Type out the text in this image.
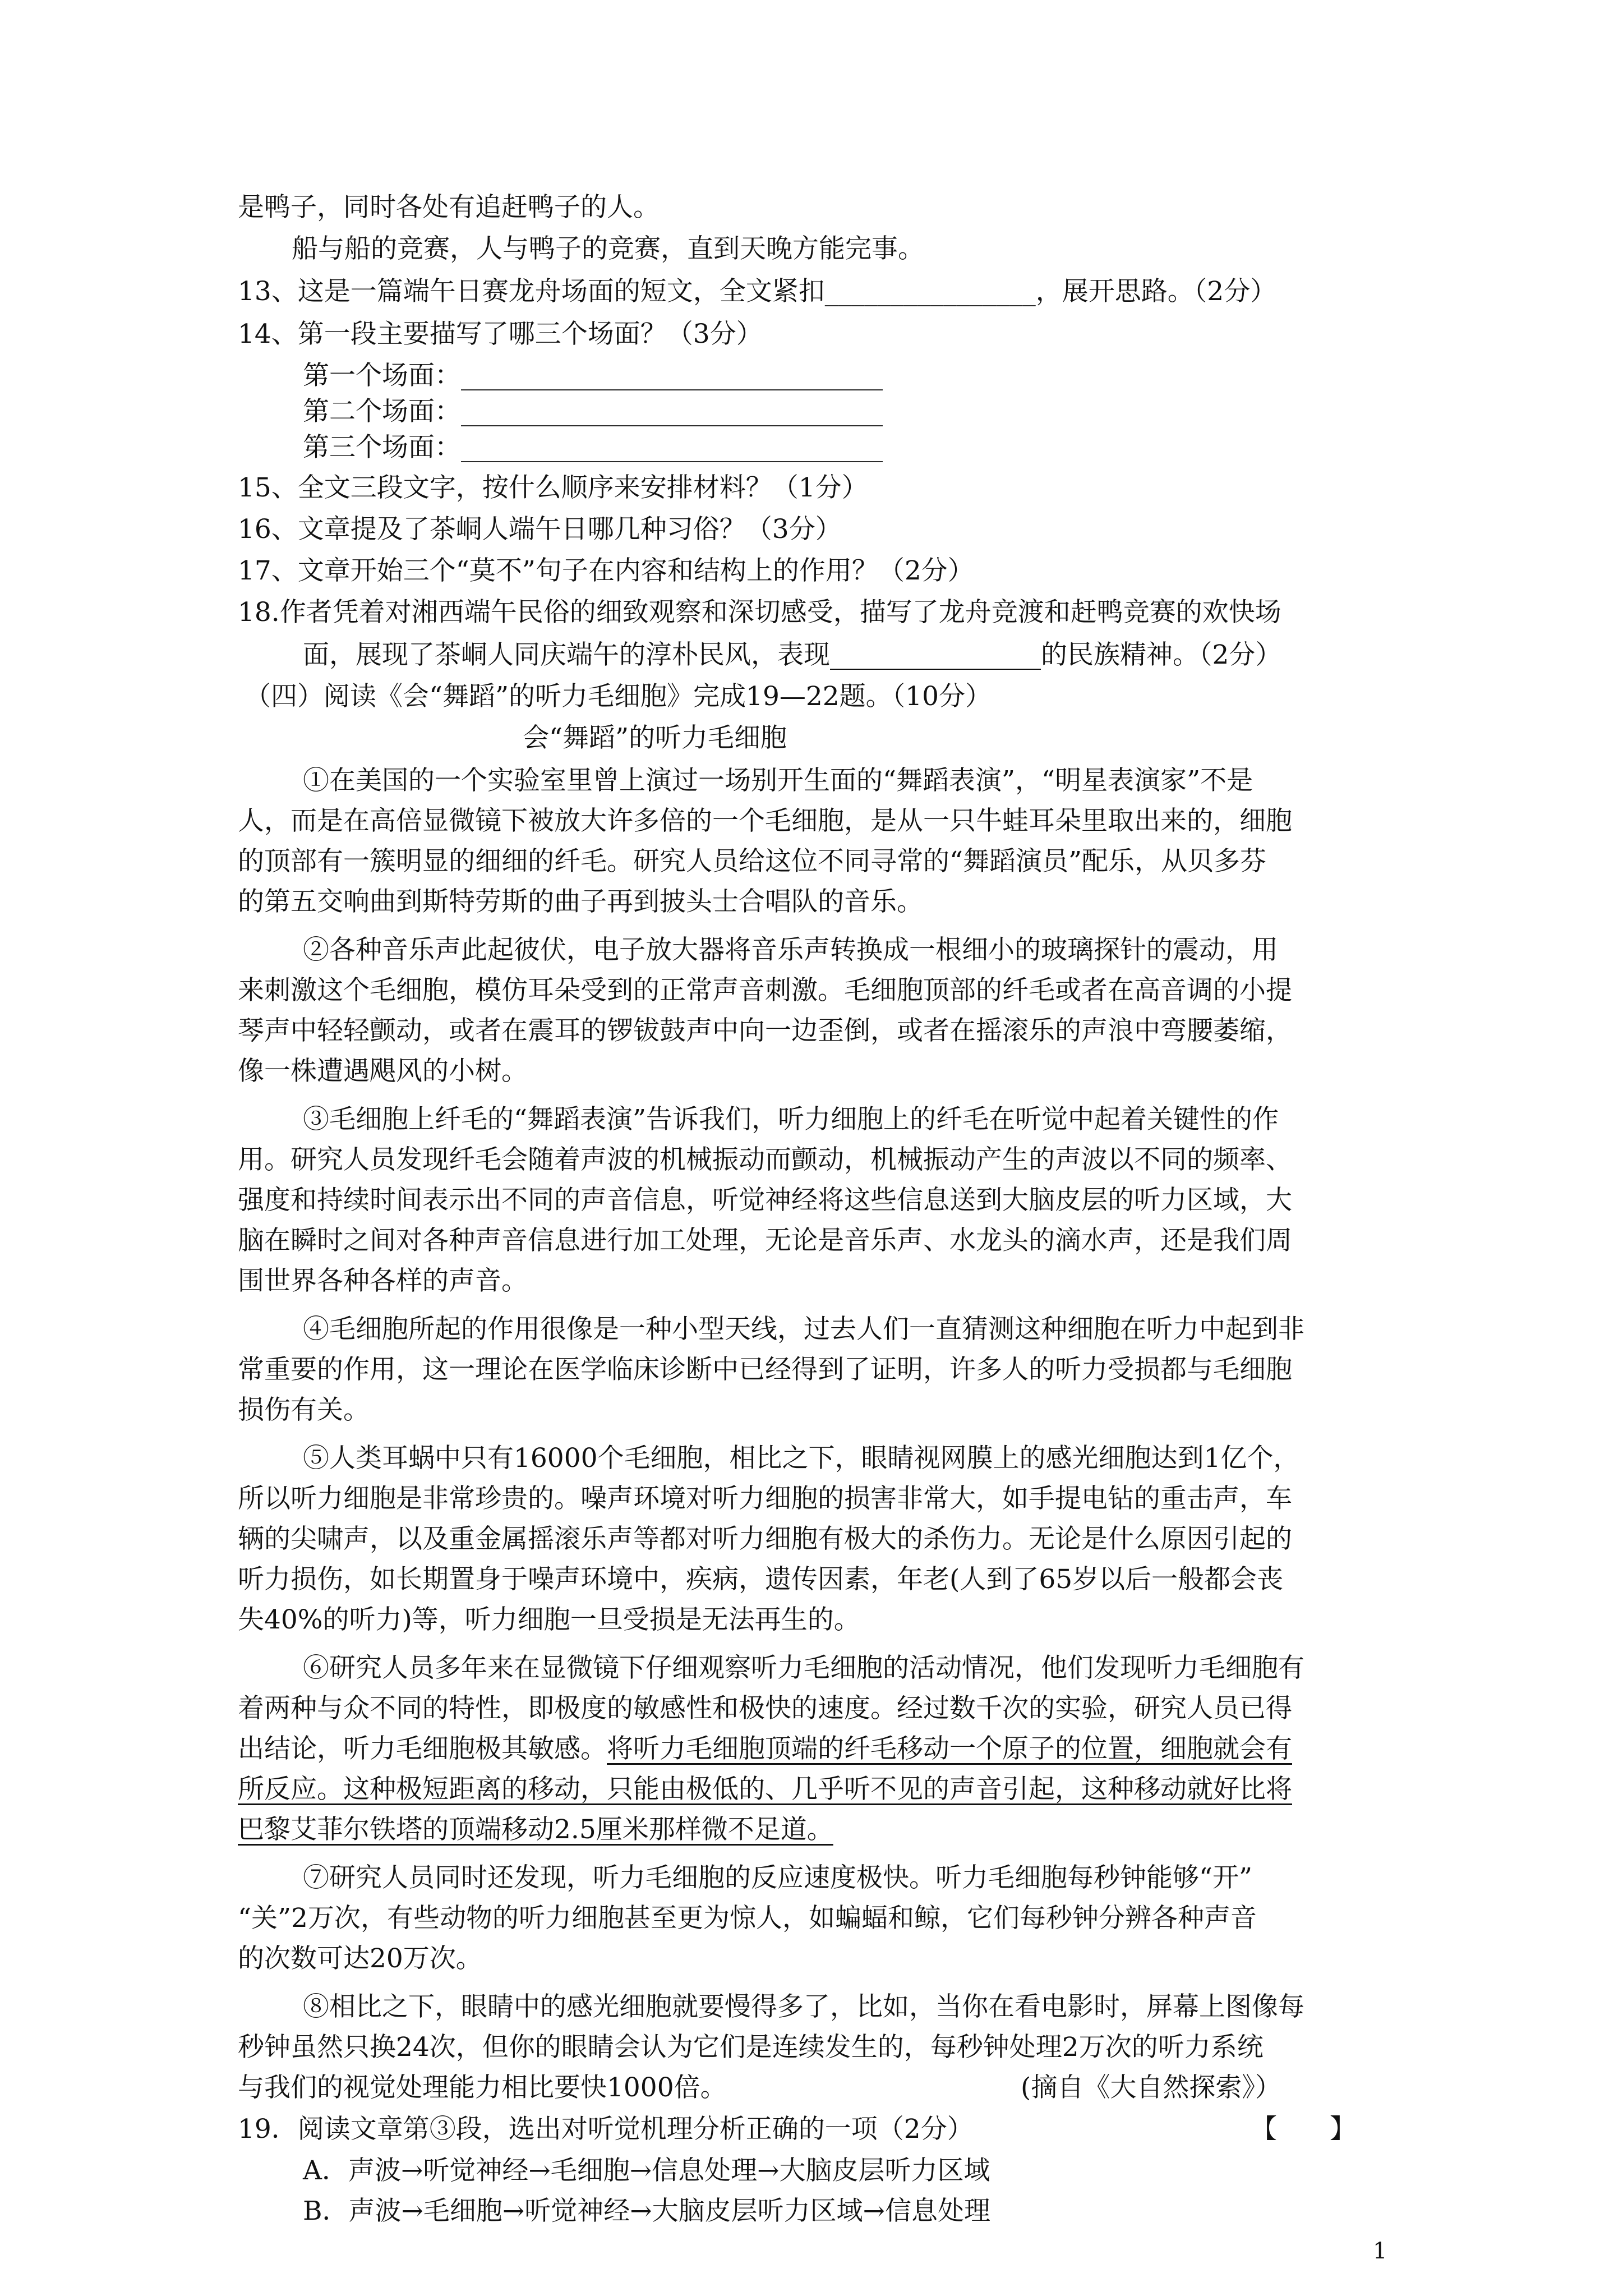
是鸭子，同时各处有追赶鸭子的人。
船与船的竞赛，人与鸭子的竞赛，直到天晚方能完事。
13、这是一篇端午日赛龙舟场面的短文，全文紧扣________________，展开思路。（2分）
14、第一段主要描写了哪三个场面？（3分）
第一个场面：________________________________
第二个场面：________________________________
第三个场面：________________________________
15、全文三段文字，按什么顺序来安排材料？（1分）
16、文章提及了茶峒人端午日哪几种习俗？（3分）
17、文章开始三个“莫不”句子在内容和结构上的作用？（2分）
18.作者凭着对湘西端午民俗的细致观察和深切感受，描写了龙舟竞渡和赶鸭竞赛的欢快场
面，展现了茶峒人同庆端午的淳朴民风，表现________________的民族精神。（2分）
（四）阅读《会“舞蹈”的听力毛细胞》完成19—22题。（10分）
会“舞蹈”的听力毛细胞
①在美国的一个实验室里曾上演过一场别开生面的“舞蹈表演”，“明星表演家”不是
人，而是在高倍显微镜下被放大许多倍的一个毛细胞，是从一只牛蛙耳朵里取出来的，细胞
的顶部有一簇明显的细细的纤毛。研究人员给这位不同寻常的“舞蹈演员”配乐，从贝多芬
的第五交响曲到斯特劳斯的曲子再到披头士合唱队的音乐。
②各种音乐声此起彼伏，电子放大器将音乐声转换成一根细小的玻璃探针的震动，用
来刺激这个毛细胞，模仿耳朵受到的正常声音刺激。毛细胞顶部的纤毛或者在高音调的小提
琴声中轻轻颤动，或者在震耳的锣钹鼓声中向一边歪倒，或者在摇滚乐的声浪中弯腰萎缩，
像一株遭遇飓风的小树。
③毛细胞上纤毛的“舞蹈表演”告诉我们，听力细胞上的纤毛在听觉中起着关键性的作
用。研究人员发现纤毛会随着声波的机械振动而颤动，机械振动产生的声波以不同的频率、
强度和持续时间表示出不同的声音信息，听觉神经将这些信息送到大脑皮层的听力区域，大
脑在瞬时之间对各种声音信息进行加工处理，无论是音乐声、水龙头的滴水声，还是我们周
围世界各种各样的声音。
④毛细胞所起的作用很像是一种小型天线，过去人们一直猜测这种细胞在听力中起到非
常重要的作用，这一理论在医学临床诊断中已经得到了证明，许多人的听力受损都与毛细胞
损伤有关。
⑤人类耳蜗中只有16000个毛细胞，相比之下，眼睛视网膜上的感光细胞达到1亿个，
所以听力细胞是非常珍贵的。噪声环境对听力细胞的损害非常大，如手提电钻的重击声，车
辆的尖啸声，以及重金属摇滚乐声等都对听力细胞有极大的杀伤力。无论是什么原因引起的
听力损伤，如长期置身于噪声环境中，疾病，遗传因素，年老(人到了65岁以后一般都会丧
失40%的听力)等，听力细胞一旦受损是无法再生的。
⑥研究人员多年来在显微镜下仔细观察听力毛细胞的活动情况，他们发现听力毛细胞有
着两种与众不同的特性，即极度的敏感性和极快的速度。经过数千次的实验，研究人员已得
出结论，听力毛细胞极其敏感。将听力毛细胞顶端的纤毛移动一个原子的位置，细胞就会有
所反应。这种极短距离的移动，只能由极低的、几乎听不见的声音引起，这种移动就好比将
巴黎艾菲尔铁塔的顶端移动2.5厘米那样微不足道。
⑦研究人员同时还发现，听力毛细胞的反应速度极快。听力毛细胞每秒钟能够“开”
“关”2万次，有些动物的听力细胞甚至更为惊人，如蝙蝠和鲸，它们每秒钟分辨各种声音
的次数可达20万次。
⑧相比之下，眼睛中的感光细胞就要慢得多了，比如，当你在看电影时，屏幕上图像每
秒钟虽然只换24次，但你的眼睛会认为它们是连续发生的，每秒钟处理2万次的听力系统
与我们的视觉处理能力相比要快1000倍。	(摘自《大自然探索》）
19．阅读文章第③段，选出对听觉机理分析正确的一项（2分）	【　　】
A．声波→听觉神经→毛细胞→信息处理→大脑皮层听力区域
B．声波→毛细胞→听觉神经→大脑皮层听力区域→信息处理
1
